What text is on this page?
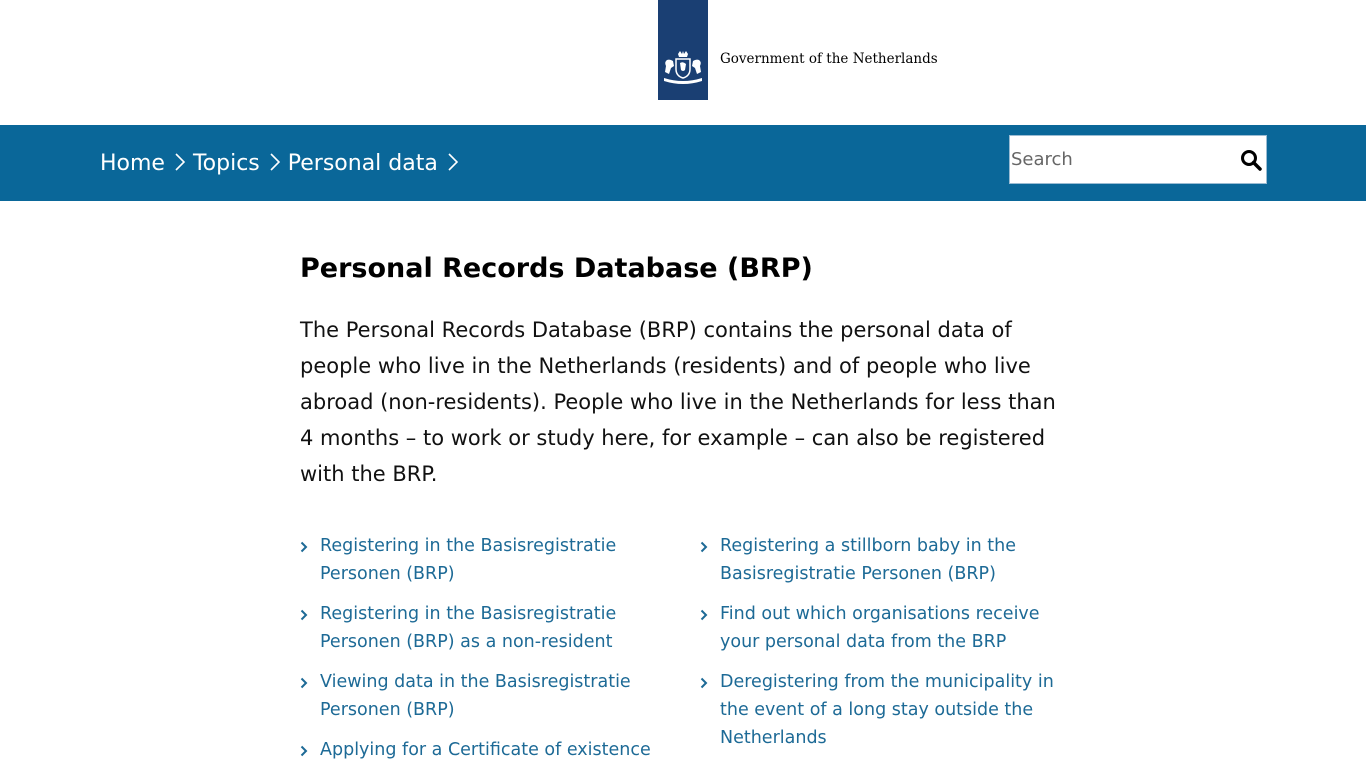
Government of the Netherlands
Home Topics Personal data
Search
Personal Records Database (BRP)

The Personal Records Database (BRP) contains the personal data of people who live in the Netherlands (residents) and of people who live abroad (non-residents). People who live in the Netherlands for less than 4 months – to work or study here, for example – can also be registered with the BRP.

Registering in the Basisregistratie Personen (BRP)
Registering in the Basisregistratie Personen (BRP) as a non-resident
Viewing data in the Basisregistratie Personen (BRP)
Applying for a Certificate of existence
Registering a stillborn baby in the Basisregistratie Personen (BRP)
Find out which organisations receive your personal data from the BRP
Deregistering from the municipality in the event of a long stay outside the Netherlands
